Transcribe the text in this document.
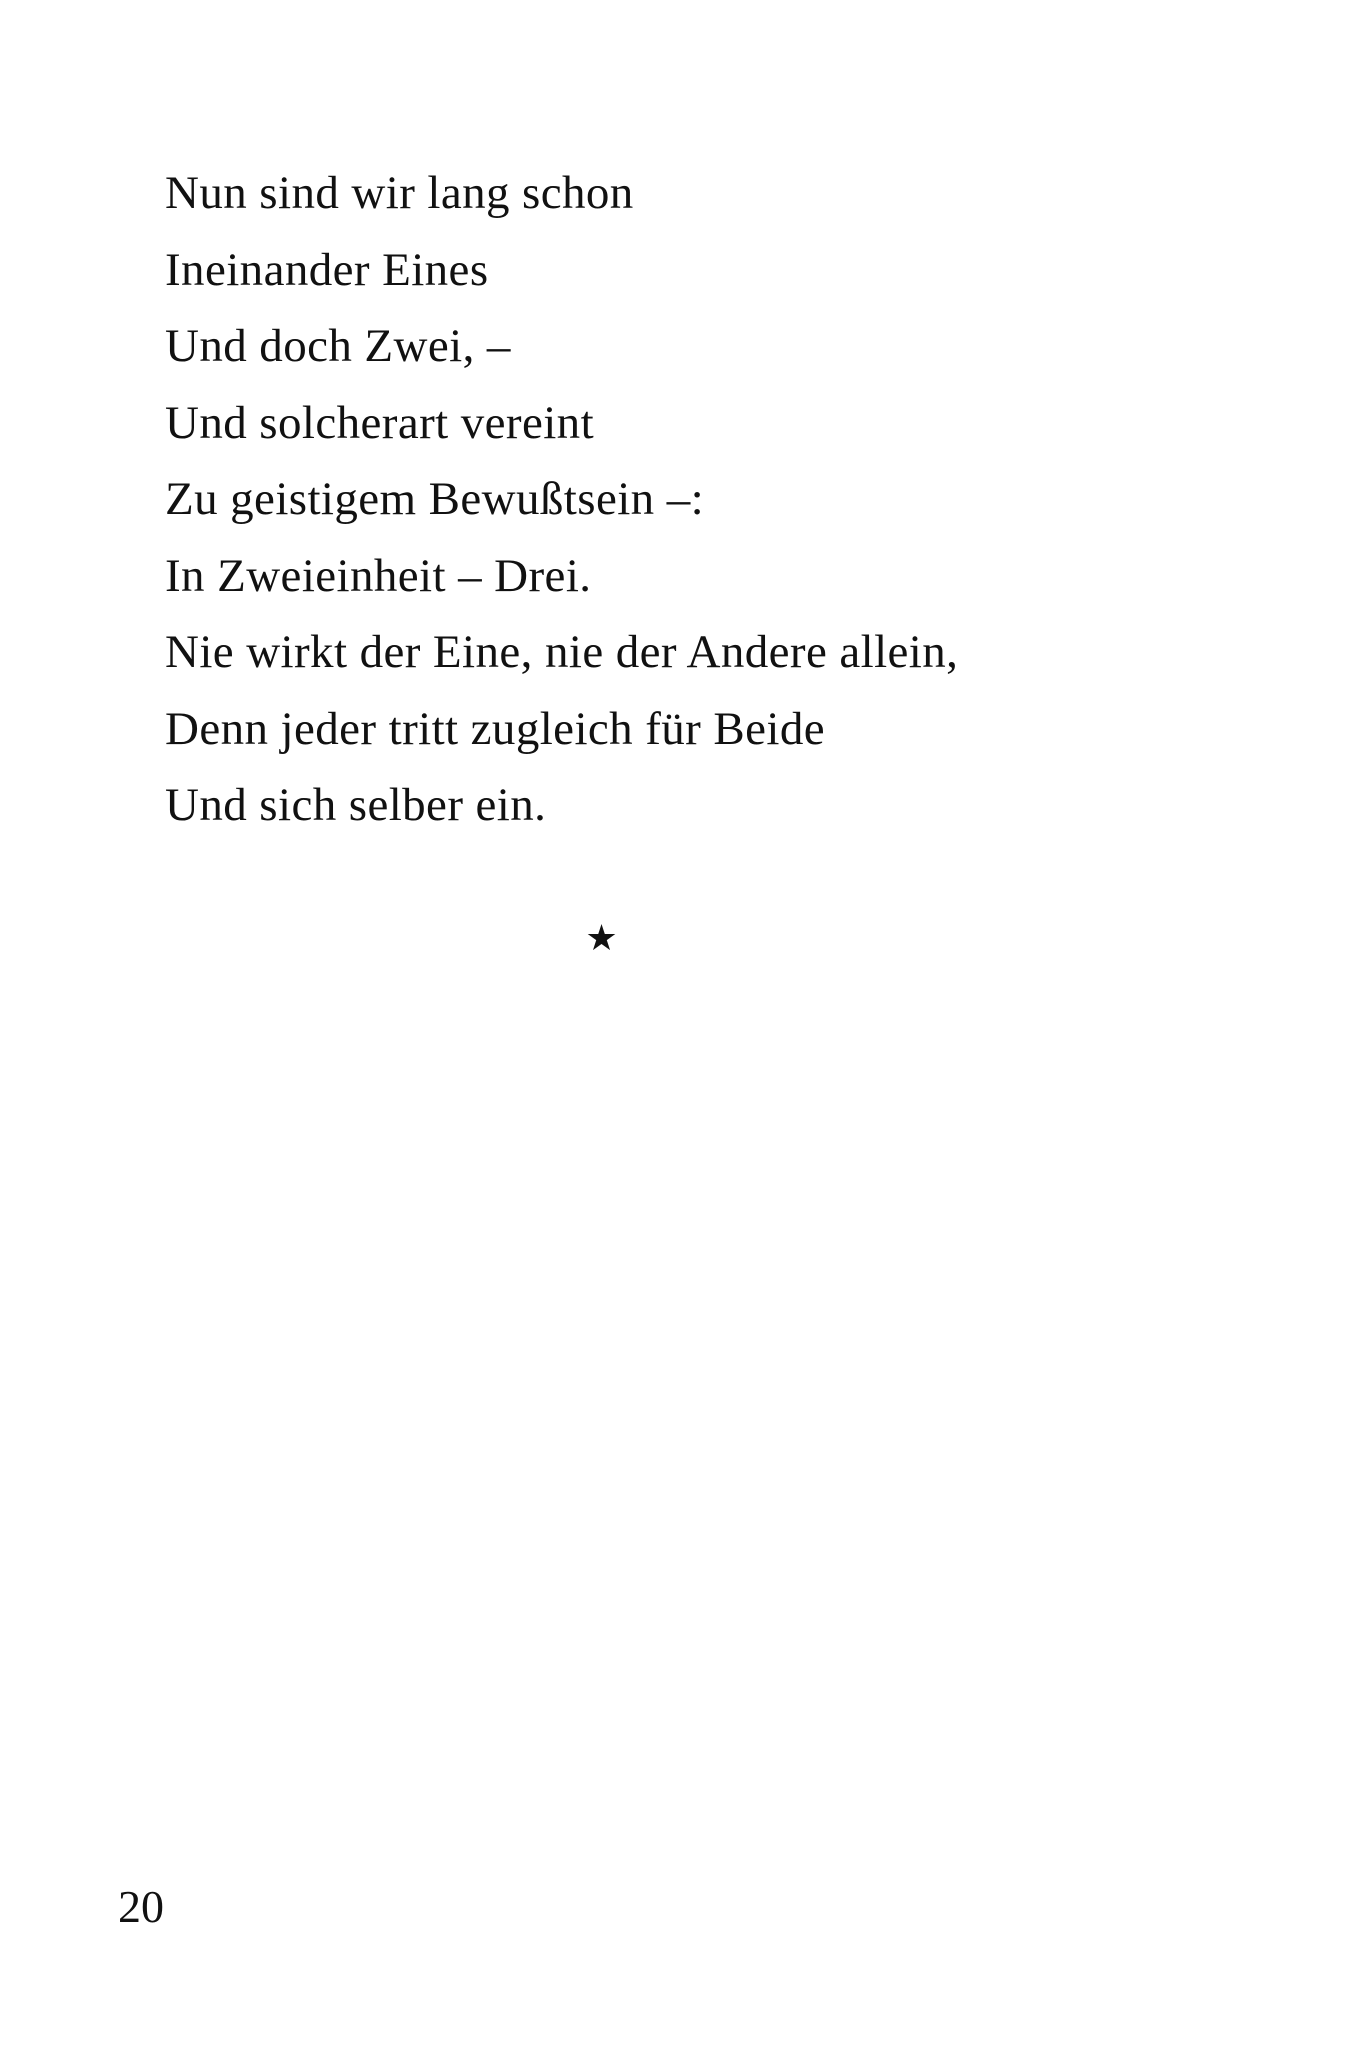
Nun sind wir lang schon
Ineinander Eines
Und doch Zwei, –
Und solcherart vereint
Zu geistigem Bewußtsein –:
In Zweieinheit – Drei.
Nie wirkt der Eine, nie der Andere allein,
Denn jeder tritt zugleich für Beide
Und sich selber ein.
★
20
